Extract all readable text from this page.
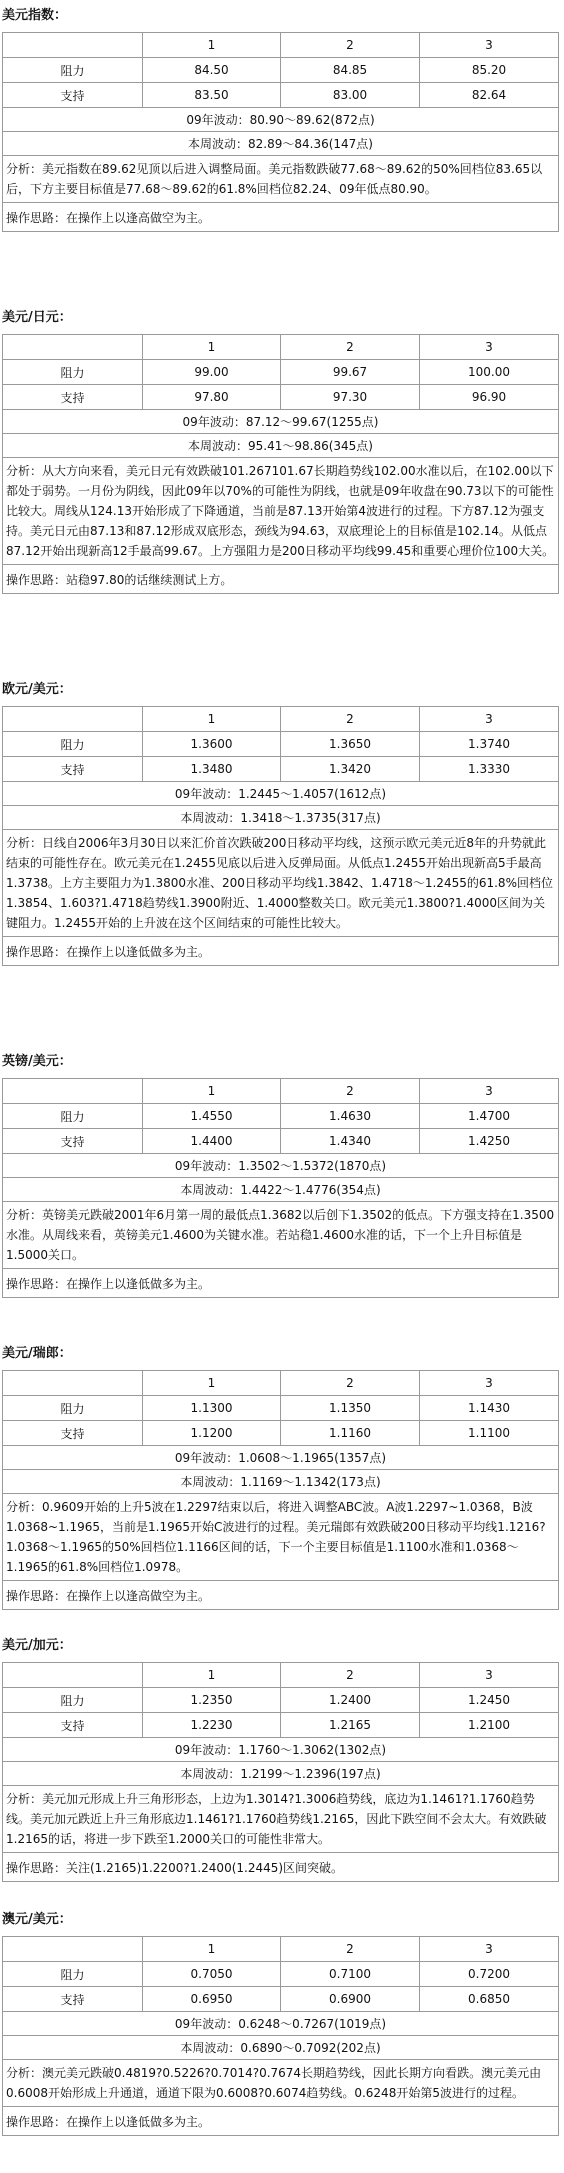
美元指数：
	1	2	3
阻力	84.50	84.85	85.20
支持	83.50	83.00	82.64
09年波动：80.90～89.62(872点)			
本周波动：82.89～84.36(147点)			
分析：美元指数在89.62见顶以后进入调整局面。美元指数跌破77.68～89.62的50%回档位83.65以后，下方主要目标值是77.68～89.62的61.8%回档位82.24、09年低点80.90。			
操作思路：在操作上以逢高做空为主。			
美元/日元：
	1	2	3
阻力	99.00	99.67	100.00
支持	97.80	97.30	96.90
09年波动：87.12～99.67(1255点)			
本周波动：95.41～98.86(345点)			
分析：从大方向来看，美元日元有效跌破101.267101.67长期趋势线102.00水准以后，在102.00以下都处于弱势。一月份为阴线，因此09年以70%的可能性为阴线，也就是09年收盘在90.73以下的可能性比较大。周线从124.13开始形成了下降通道，当前是87.13开始第4波进行的过程。下方87.12为强支持。美元日元由87.13和87.12形成双底形态，颈线为94.63，双底理论上的目标值是102.14。从低点87.12开始出现新高12手最高99.67。上方强阻力是200日移动平均线99.45和重要心理价位100大关。			
操作思路：站稳97.80的话继续测试上方。			
欧元/美元：
	1	2	3
阻力	1.3600	1.3650	1.3740
支持	1.3480	1.3420	1.3330
09年波动：1.2445～1.4057(1612点)			
本周波动：1.3418～1.3735(317点)			
分析：日线自2006年3月30日以来汇价首次跌破200日移动平均线，这预示欧元美元近8年的升势就此结束的可能性存在。欧元美元在1.2455见底以后进入反弹局面。从低点1.2455开始出现新高5手最高1.3738。上方主要阻力为1.3800水准、200日移动平均线1.3842、1.4718～1.2455的61.8%回档位1.3854、1.603?1.4718趋势线1.3900附近、1.4000整数关口。欧元美元1.3800?1.4000区间为关键阻力。1.2455开始的上升波在这个区间结束的可能性比较大。			
操作思路：在操作上以逢低做多为主。			
英镑/美元：
	1	2	3
阻力	1.4550	1.4630	1.4700
支持	1.4400	1.4340	1.4250
09年波动：1.3502～1.5372(1870点)			
本周波动：1.4422～1.4776(354点)			
分析：英镑美元跌破2001年6月第一周的最低点1.3682以后创下1.3502的低点。下方强支持在1.3500水准。从周线来看，英镑美元1.4600为关键水准。若站稳1.4600水准的话，下一个上升目标值是1.5000关口。			
操作思路：在操作上以逢低做多为主。			
美元/瑞郎：
	1	2	3
阻力	1.1300	1.1350	1.1430
支持	1.1200	1.1160	1.1100
09年波动：1.0608～1.1965(1357点)			
本周波动：1.1169～1.1342(173点)			
分析：0.9609开始的上升5波在1.2297结束以后，将进入调整ABC波。A波1.2297~1.0368，B波1.0368~1.1965，当前是1.1965开始C波进行的过程。美元瑞郎有效跌破200日移动平均线1.1216?1.0368～1.1965的50%回档位1.1166区间的话，下一个主要目标值是1.1100水准和1.0368～1.1965的61.8%回档位1.0978。			
操作思路：在操作上以逢高做空为主。			
美元/加元：
	1	2	3
阻力	1.2350	1.2400	1.2450
支持	1.2230	1.2165	1.2100
09年波动：1.1760～1.3062(1302点)			
本周波动：1.2199～1.2396(197点)			
分析：美元加元形成上升三角形形态，上边为1.3014?1.3006趋势线，底边为1.1461?1.1760趋势线。美元加元跌近上升三角形底边1.1461?1.1760趋势线1.2165，因此下跌空间不会太大。有效跌破1.2165的话，将进一步下跌至1.2000关口的可能性非常大。			
操作思路：关注(1.2165)1.2200?1.2400(1.2445)区间突破。			
澳元/美元：
	1	2	3
阻力	0.7050	0.7100	0.7200
支持	0.6950	0.6900	0.6850
09年波动：0.6248～0.7267(1019点)			
本周波动：0.6890～0.7092(202点)			
分析：澳元美元跌破0.4819?0.5226?0.7014?0.7674长期趋势线，因此长期方向看跌。澳元美元由0.6008开始形成上升通道，通道下限为0.6008?0.6074趋势线。0.6248开始第5波进行的过程。			
操作思路：在操作上以逢低做多为主。			
